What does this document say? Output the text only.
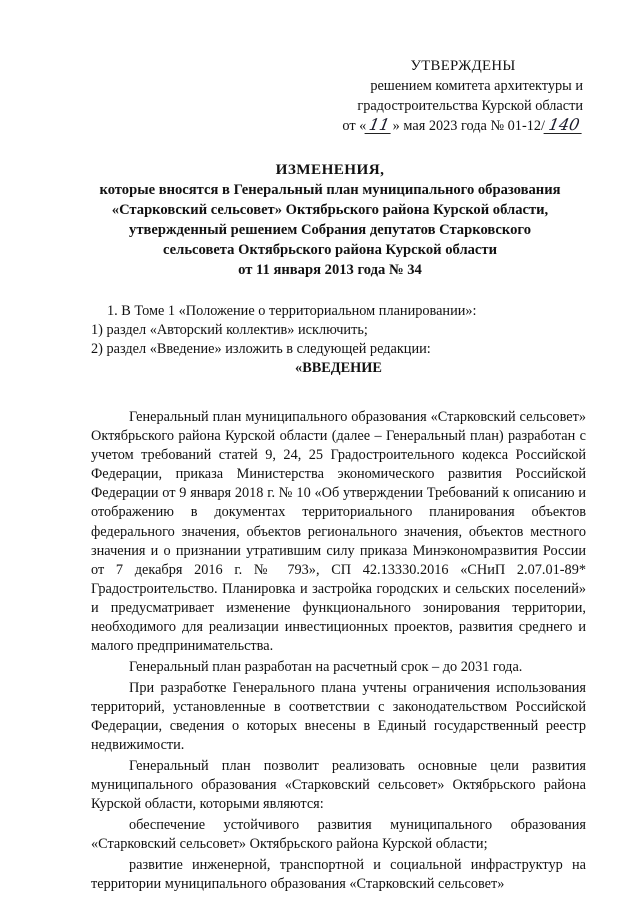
УТВЕРЖДЕНЫ
решением комитета архитектуры и
градостроительства Курской области
от «11» мая 2023 года № 01-12/ 140
ИЗМЕНЕНИЯ,
которые вносятся в Генеральный план муниципального образования
«Старковский сельсовет» Октябрьского района Курской области,
утвержденный решением Собрания депутатов Старковского
сельсовета Октябрьского района Курской области
от 11 января 2013 года № 34
1. В Томе 1 «Положение о территориальном планировании»:
1) раздел «Авторский коллектив» исключить;
2) раздел «Введение» изложить в следующей редакции:
«ВВЕДЕНИЕ

Генеральный план муниципального образования «Старковский сельсовет» Октябрьского района Курской области (далее – Генеральный план) разработан с учетом требований статей 9, 24, 25 Градостроительного кодекса Российской Федерации, приказа Министерства экономического развития Российской Федерации от 9 января 2018 г. № 10 «Об утверждении Требований к описанию и отображению в документах территориального планирования объектов федерального значения, объектов регионального значения, объектов местного значения и о признании утратившим силу приказа Минэкономразвития России от 7 декабря 2016 г. № 793», СП 42.13330.2016 «СНиП 2.07.01-89* Градостроительство. Планировка и застройка городских и сельских поселений» и предусматривает изменение функционального зонирования территории, необходимого для реализации инвестиционных проектов, развития среднего и малого предпринимательства.

Генеральный план разработан на расчетный срок – до 2031 года.

При разработке Генерального плана учтены ограничения использования территорий, установленные в соответствии с законодательством Российской Федерации, сведения о которых внесены в Единый государственный реестр недвижимости.

Генеральный план позволит реализовать основные цели развития муниципального образования «Старковский сельсовет» Октябрьского района Курской области, которыми являются:

обеспечение устойчивого развития муниципального образования «Старковский сельсовет» Октябрьского района Курской области;

развитие инженерной, транспортной и социальной инфраструктур на территории муниципального образования «Старковский сельсовет»
